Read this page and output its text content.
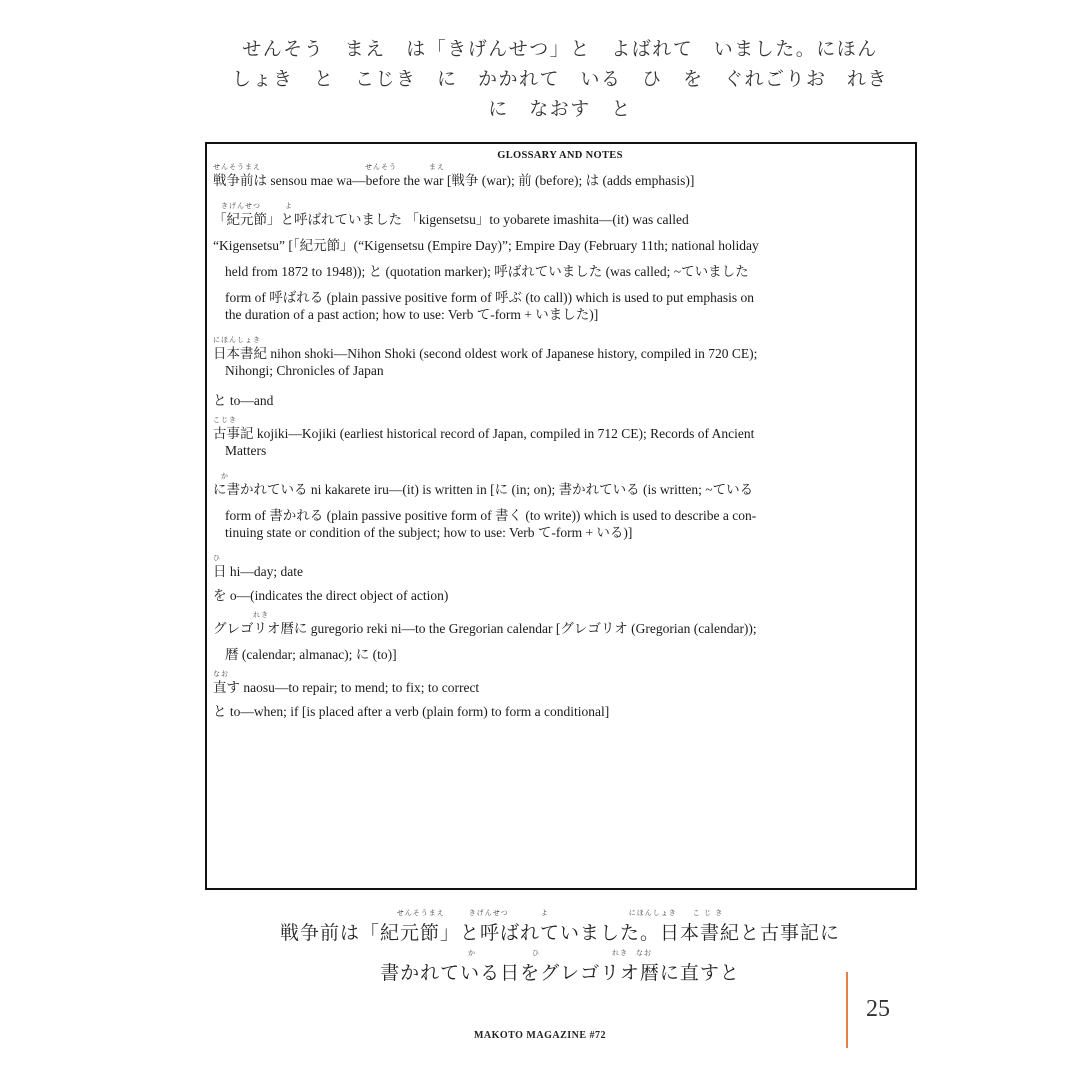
せんそう　まえ　は「きげんせつ」と　よばれて　いました。にほん
しょき　と　こじき　に　かかれて　いる　ひ　を　ぐれごりお　れき
に　なおす　と
GLOSSARY AND NOTES
せんそうまえ　　　　　　　　　　　　　せんそう　　　　まえ
戦争前は sensou mae wa—before the war [戦争 (war); 前 (before); は (adds emphasis)]
　きげんせつ　　　よ
「紀元節」と呼ばれていました 「kigensetsu」to yobarete imashita—(it) was called
“Kigensetsu” [「紀元節」(“Kigensetsu (Empire Day)”; Empire Day (February 11th; national holiday
held from 1872 to 1948)); と (quotation marker); 呼ばれていました (was called; ~ていました
form of 呼ばれる (plain passive positive form of 呼ぶ (to call)) which is used to put emphasis on
the duration of a past action; how to use: Verb て-form + いました)]
にほんしょき
日本書紀 nihon shoki—Nihon Shoki (second oldest work of Japanese history, compiled in 720 CE);
Nihongi; Chronicles of Japan
と to—and
こじき
古事記 kojiki—Kojiki (earliest historical record of Japan, compiled in 712 CE); Records of Ancient
Matters
　か
に書かれている ni kakarete iru—(it) is written in [に (in; on); 書かれている (is written; ~ている
form of 書かれる (plain passive positive form of 書く (to write)) which is used to describe a con-
tinuing state or condition of the subject; how to use: Verb て-form + いる)]
ひ
日 hi—day; date
を o—(indicates the direct object of action)
　　　　　れき
グレゴリオ暦に guregorio reki ni—to the Gregorian calendar [グレゴリオ (Gregorian (calendar));
暦 (calendar; almanac); に (to)]
なお
直す naosu—to repair; to mend; to fix; to correct
と to—when; if [is placed after a verb (plain form) to form a conditional]
せんそうまえ　　　きげんせつ　　　　よ　　　　　　　　　　にほんしょき　　こ じ き
戦争前は「紀元節」と呼ばれていました。日本書紀と古事記に
か　　　　　　　ひ　　　　　　　　　れき　なお
書かれている日をグレゴリオ暦に直すと
MAKOTO MAGAZINE #72
25
